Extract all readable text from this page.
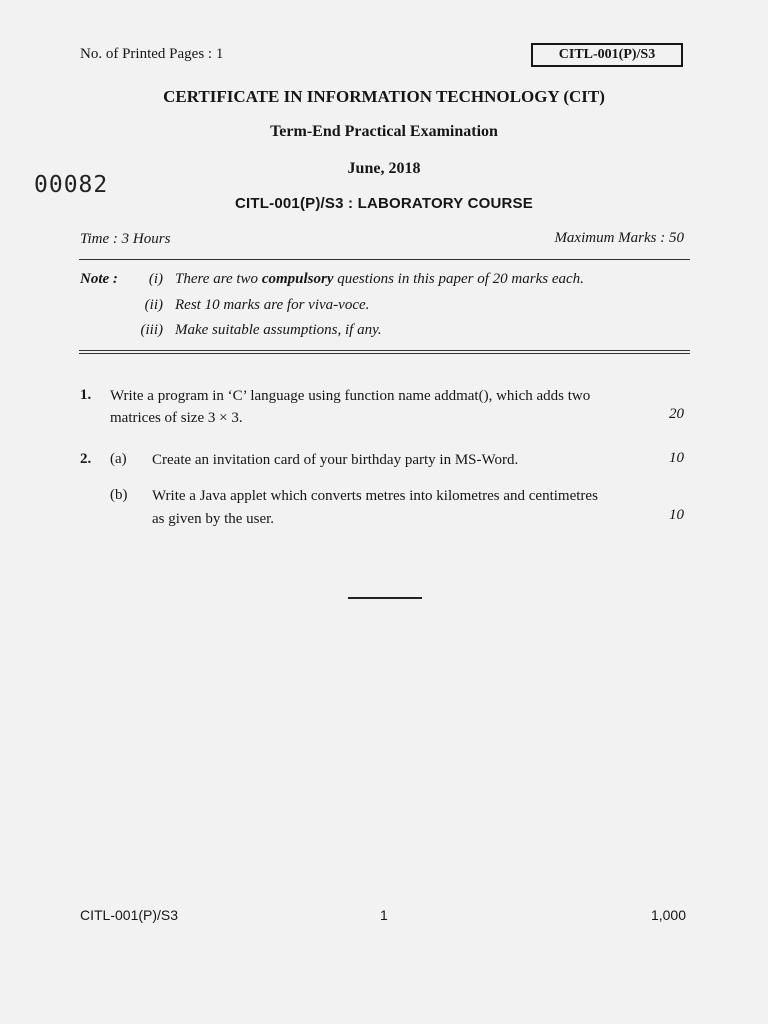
No. of Printed Pages : 1	CITL-001(P)/S3
CERTIFICATE IN INFORMATION TECHNOLOGY (CIT)
Term-End Practical Examination
June, 2018
00082
CITL-001(P)/S3 : LABORATORY COURSE
Time : 3 Hours	Maximum Marks : 50
Note :	(i) There are two compulsory questions in this paper of 20 marks each.
(ii) Rest 10 marks are for viva-voce.
(iii) Make suitable assumptions, if any.
1. Write a program in ‘C’ language using function name addmat(), which adds two
matrices of size 3 × 3.	20
2. (a) Create an invitation card of your birthday party in MS-Word.	10
(b) Write a Java applet which converts metres into kilometres and centimetres
as given by the user.	10
CITL-001(P)/S3	1	1,000
